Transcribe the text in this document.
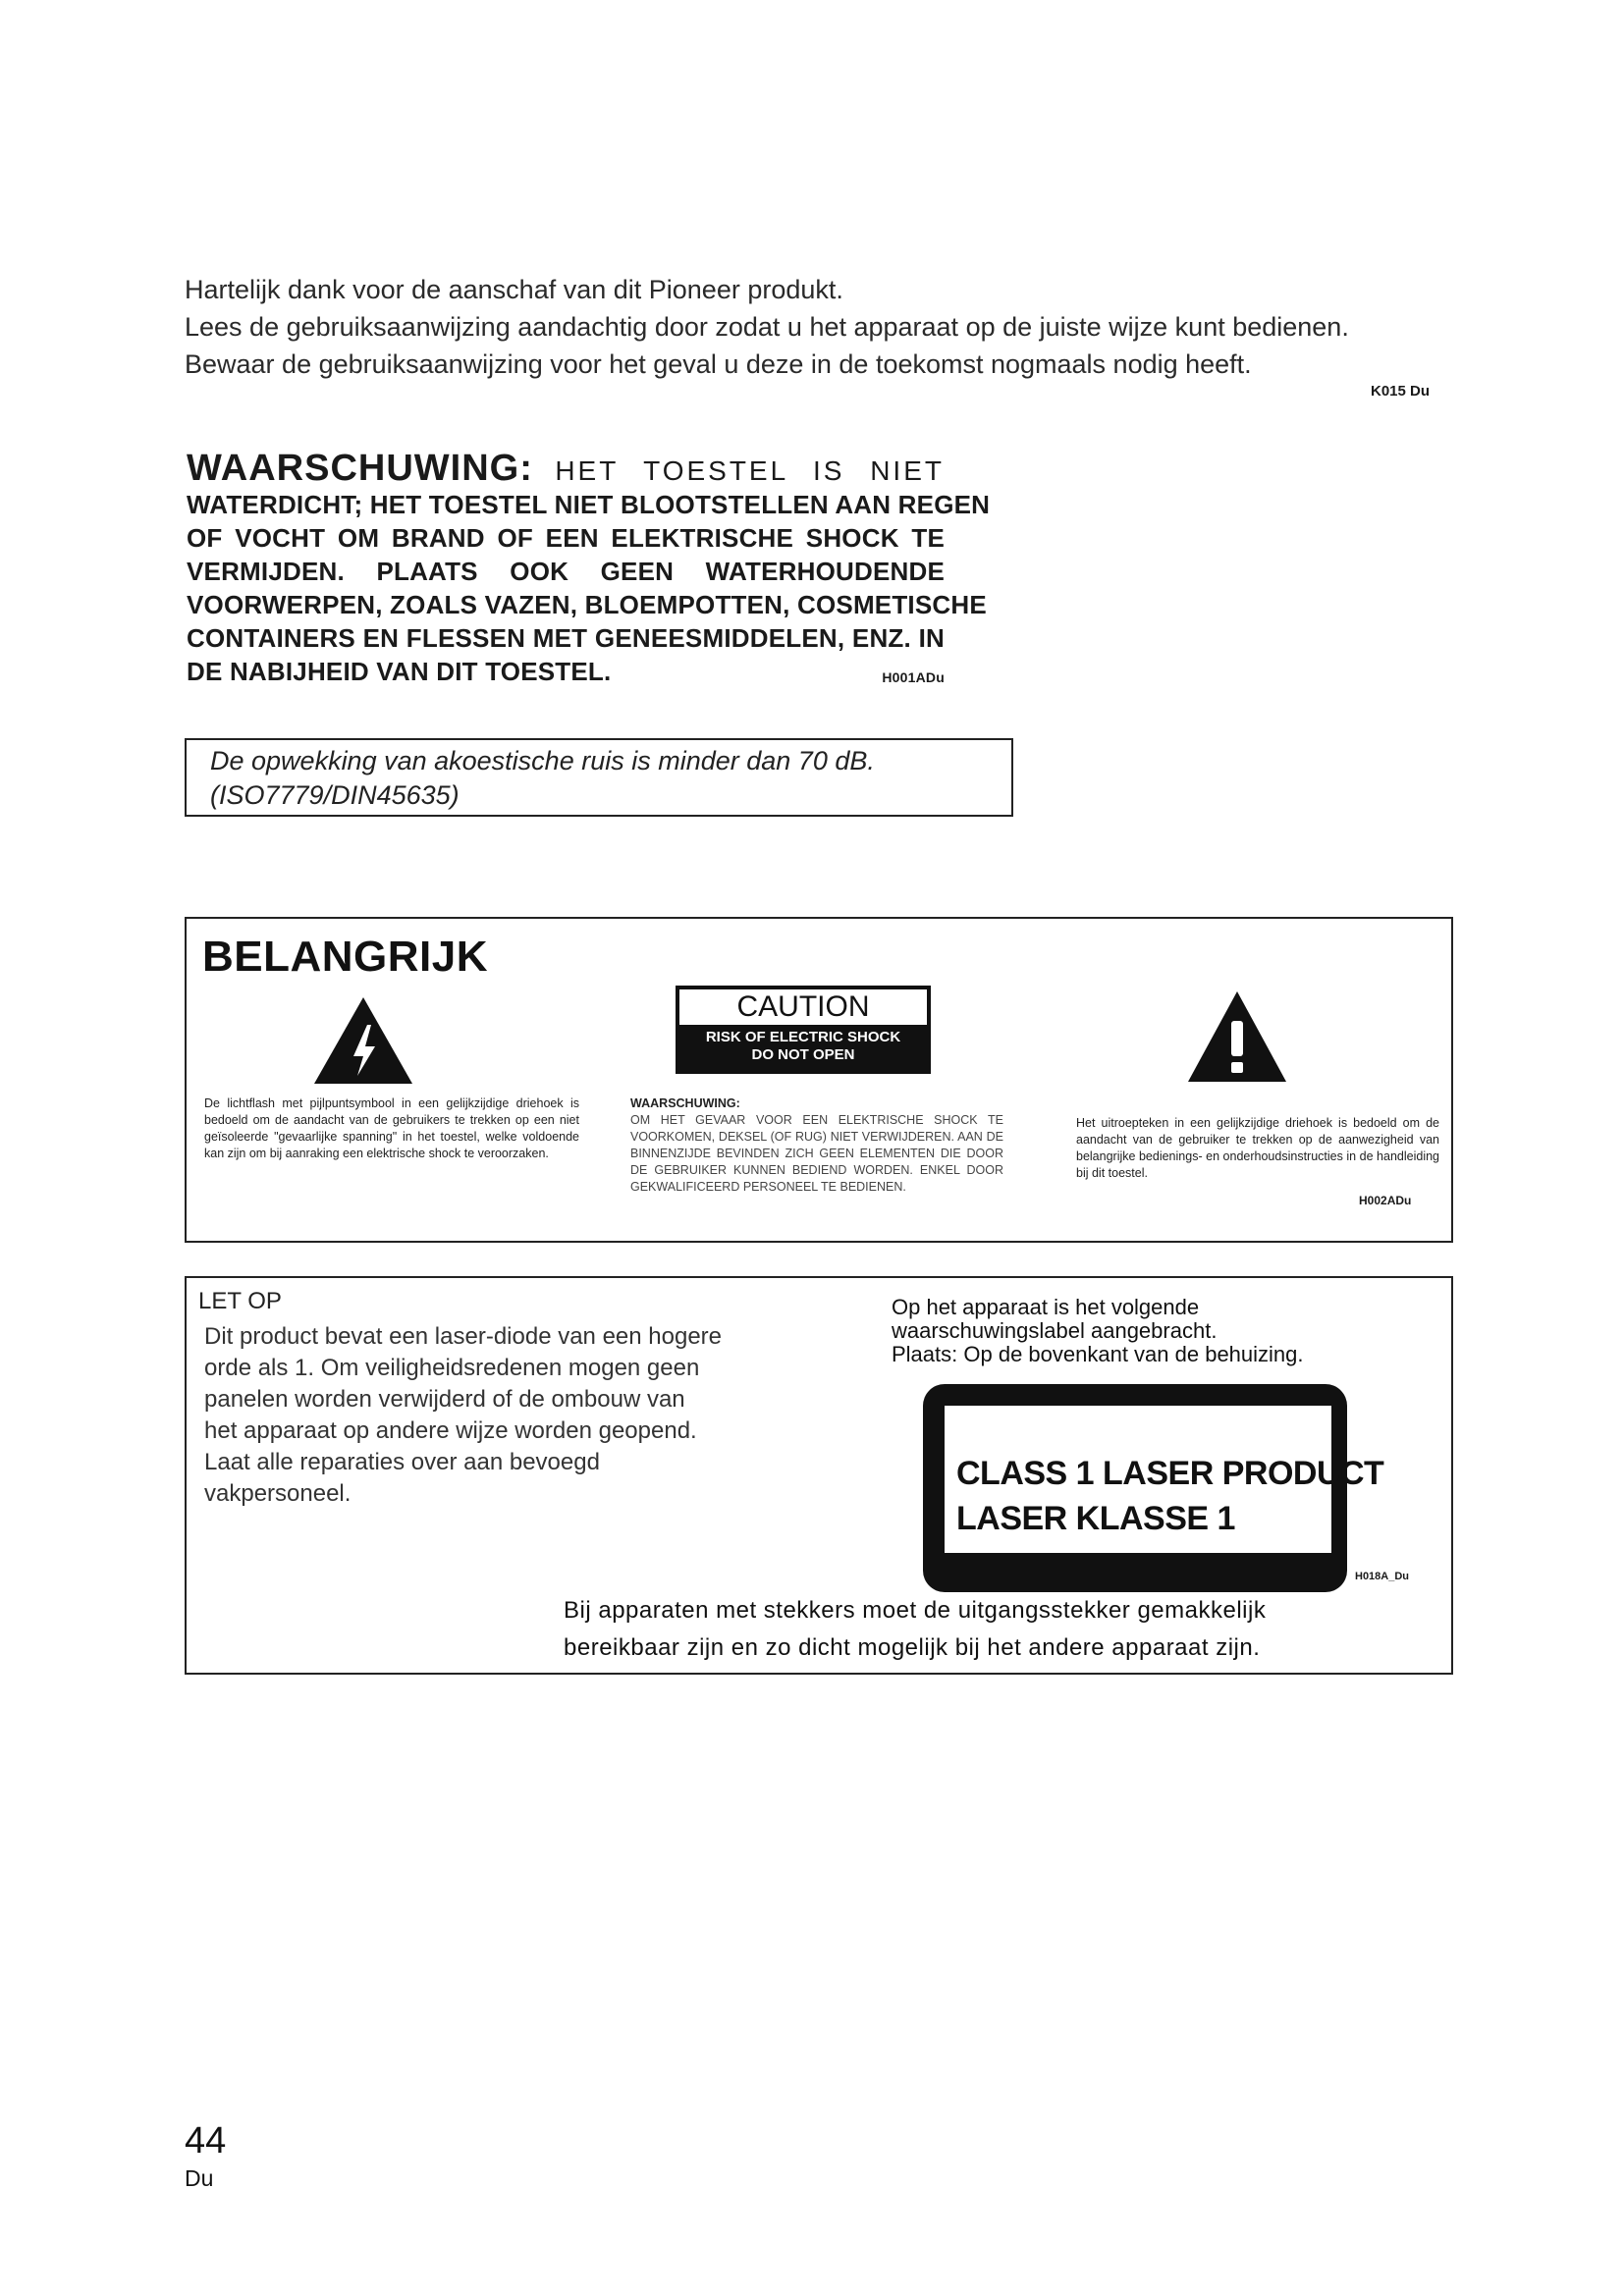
Hartelijk dank voor de aanschaf van dit Pioneer produkt.
Lees de gebruiksaanwijzing aandachtig door zodat u het apparaat op de juiste wijze kunt bedienen.
Bewaar de gebruiksaanwijzing voor het geval u deze in de toekomst nogmaals nodig heeft.
K015 Du
WAARSCHUWING: HET TOESTEL IS NIET
WATERDICHT; HET TOESTEL NIET BLOOTSTELLEN AAN REGEN
OF VOCHT OM BRAND OF EEN ELEKTRISCHE SHOCK TE
VERMIJDEN. PLAATS OOK GEEN WATERHOUDENDE
VOORWERPEN, ZOALS VAZEN, BLOEMPOTTEN, COSMETISCHE
CONTAINERS EN FLESSEN MET GENEESMIDDELEN, ENZ. IN
DE NABIJHEID VAN DIT TOESTEL.	H001ADu
De opwekking van akoestische ruis is minder dan 70 dB.
(ISO7779/DIN45635)
BELANGRIJK
De lichtflash met pijlpuntsymbool in een gelijkzijdige driehoek is bedoeld om de aandacht van de gebruikers te trekken op een niet geïsoleerde "gevaarlijke spanning" in het toestel, welke voldoende kan zijn om bij aanraking een elektrische shock te veroorzaken.
CAUTION
RISK OF ELECTRIC SHOCK
DO NOT OPEN
WAARSCHUWING:
OM HET GEVAAR VOOR EEN ELEKTRISCHE SHOCK TE VOORKOMEN, DEKSEL (OF RUG) NIET VERWIJDEREN. AAN DE BINNENZIJDE BEVINDEN ZICH GEEN ELEMENTEN DIE DOOR DE GEBRUIKER KUNNEN BEDIEND WORDEN. ENKEL DOOR GEKWALIFICEERD PERSONEEL TE BEDIENEN.
Het uitroepteken in een gelijkzijdige driehoek is bedoeld om de aandacht van de gebruiker te trekken op de aanwezigheid van belangrijke bedienings- en onderhoudsinstructies in de handleiding bij dit toestel.
H002ADu
LET OP
Dit product bevat een laser-diode van een hogere
orde als 1. Om veiligheidsredenen mogen geen
panelen worden verwijderd of de ombouw van
het apparaat op andere wijze worden geopend.
Laat alle reparaties over aan bevoegd
vakpersoneel.
Op het apparaat is het volgende
waarschuwingslabel aangebracht.
Plaats: Op de bovenkant van de behuizing.
CLASS 1 LASER PRODUCT
LASER KLASSE 1
H018A_Du
Bij apparaten met stekkers moet de uitgangsstekker gemakkelijk
bereikbaar zijn en zo dicht mogelijk bij het andere apparaat zijn.
44
Du
